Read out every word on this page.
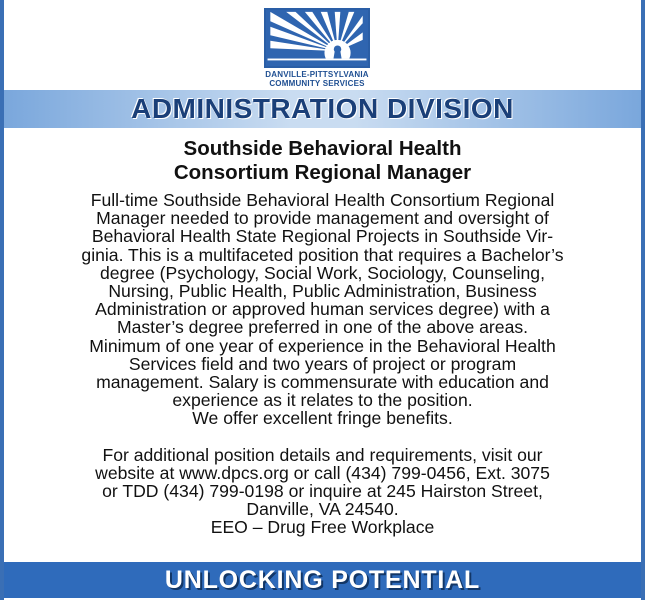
DANVILLE-PITTSYLVANIA
COMMUNITY SERVICES
ADMINISTRATION DIVISION
Southside Behavioral Health
Consortium Regional Manager

Full-time Southside Behavioral Health Consortium Regional

Manager needed to provide management and oversight of

Behavioral Health State Regional Projects in Southside Vir-

ginia. This is a multifaceted position that requires a Bachelor’s

degree (Psychology, Social Work, Sociology, Counseling,

Nursing, Public Health, Public Administration, Business

Administration or approved human services degree) with a

Master’s degree preferred in one of the above areas.

Minimum of one year of experience in the Behavioral Health

Services field and two years of project or program

management. Salary is commensurate with education and

experience as it relates to the position.

We offer excellent fringe benefits.

For additional position details and requirements, visit our

website at www.dpcs.org or call (434) 799-0456, Ext. 3075

or TDD (434) 799-0198 or inquire at 245 Hairston Street,

Danville, VA 24540.

EEO – Drug Free Workplace

UNLOCKING POTENTIAL
